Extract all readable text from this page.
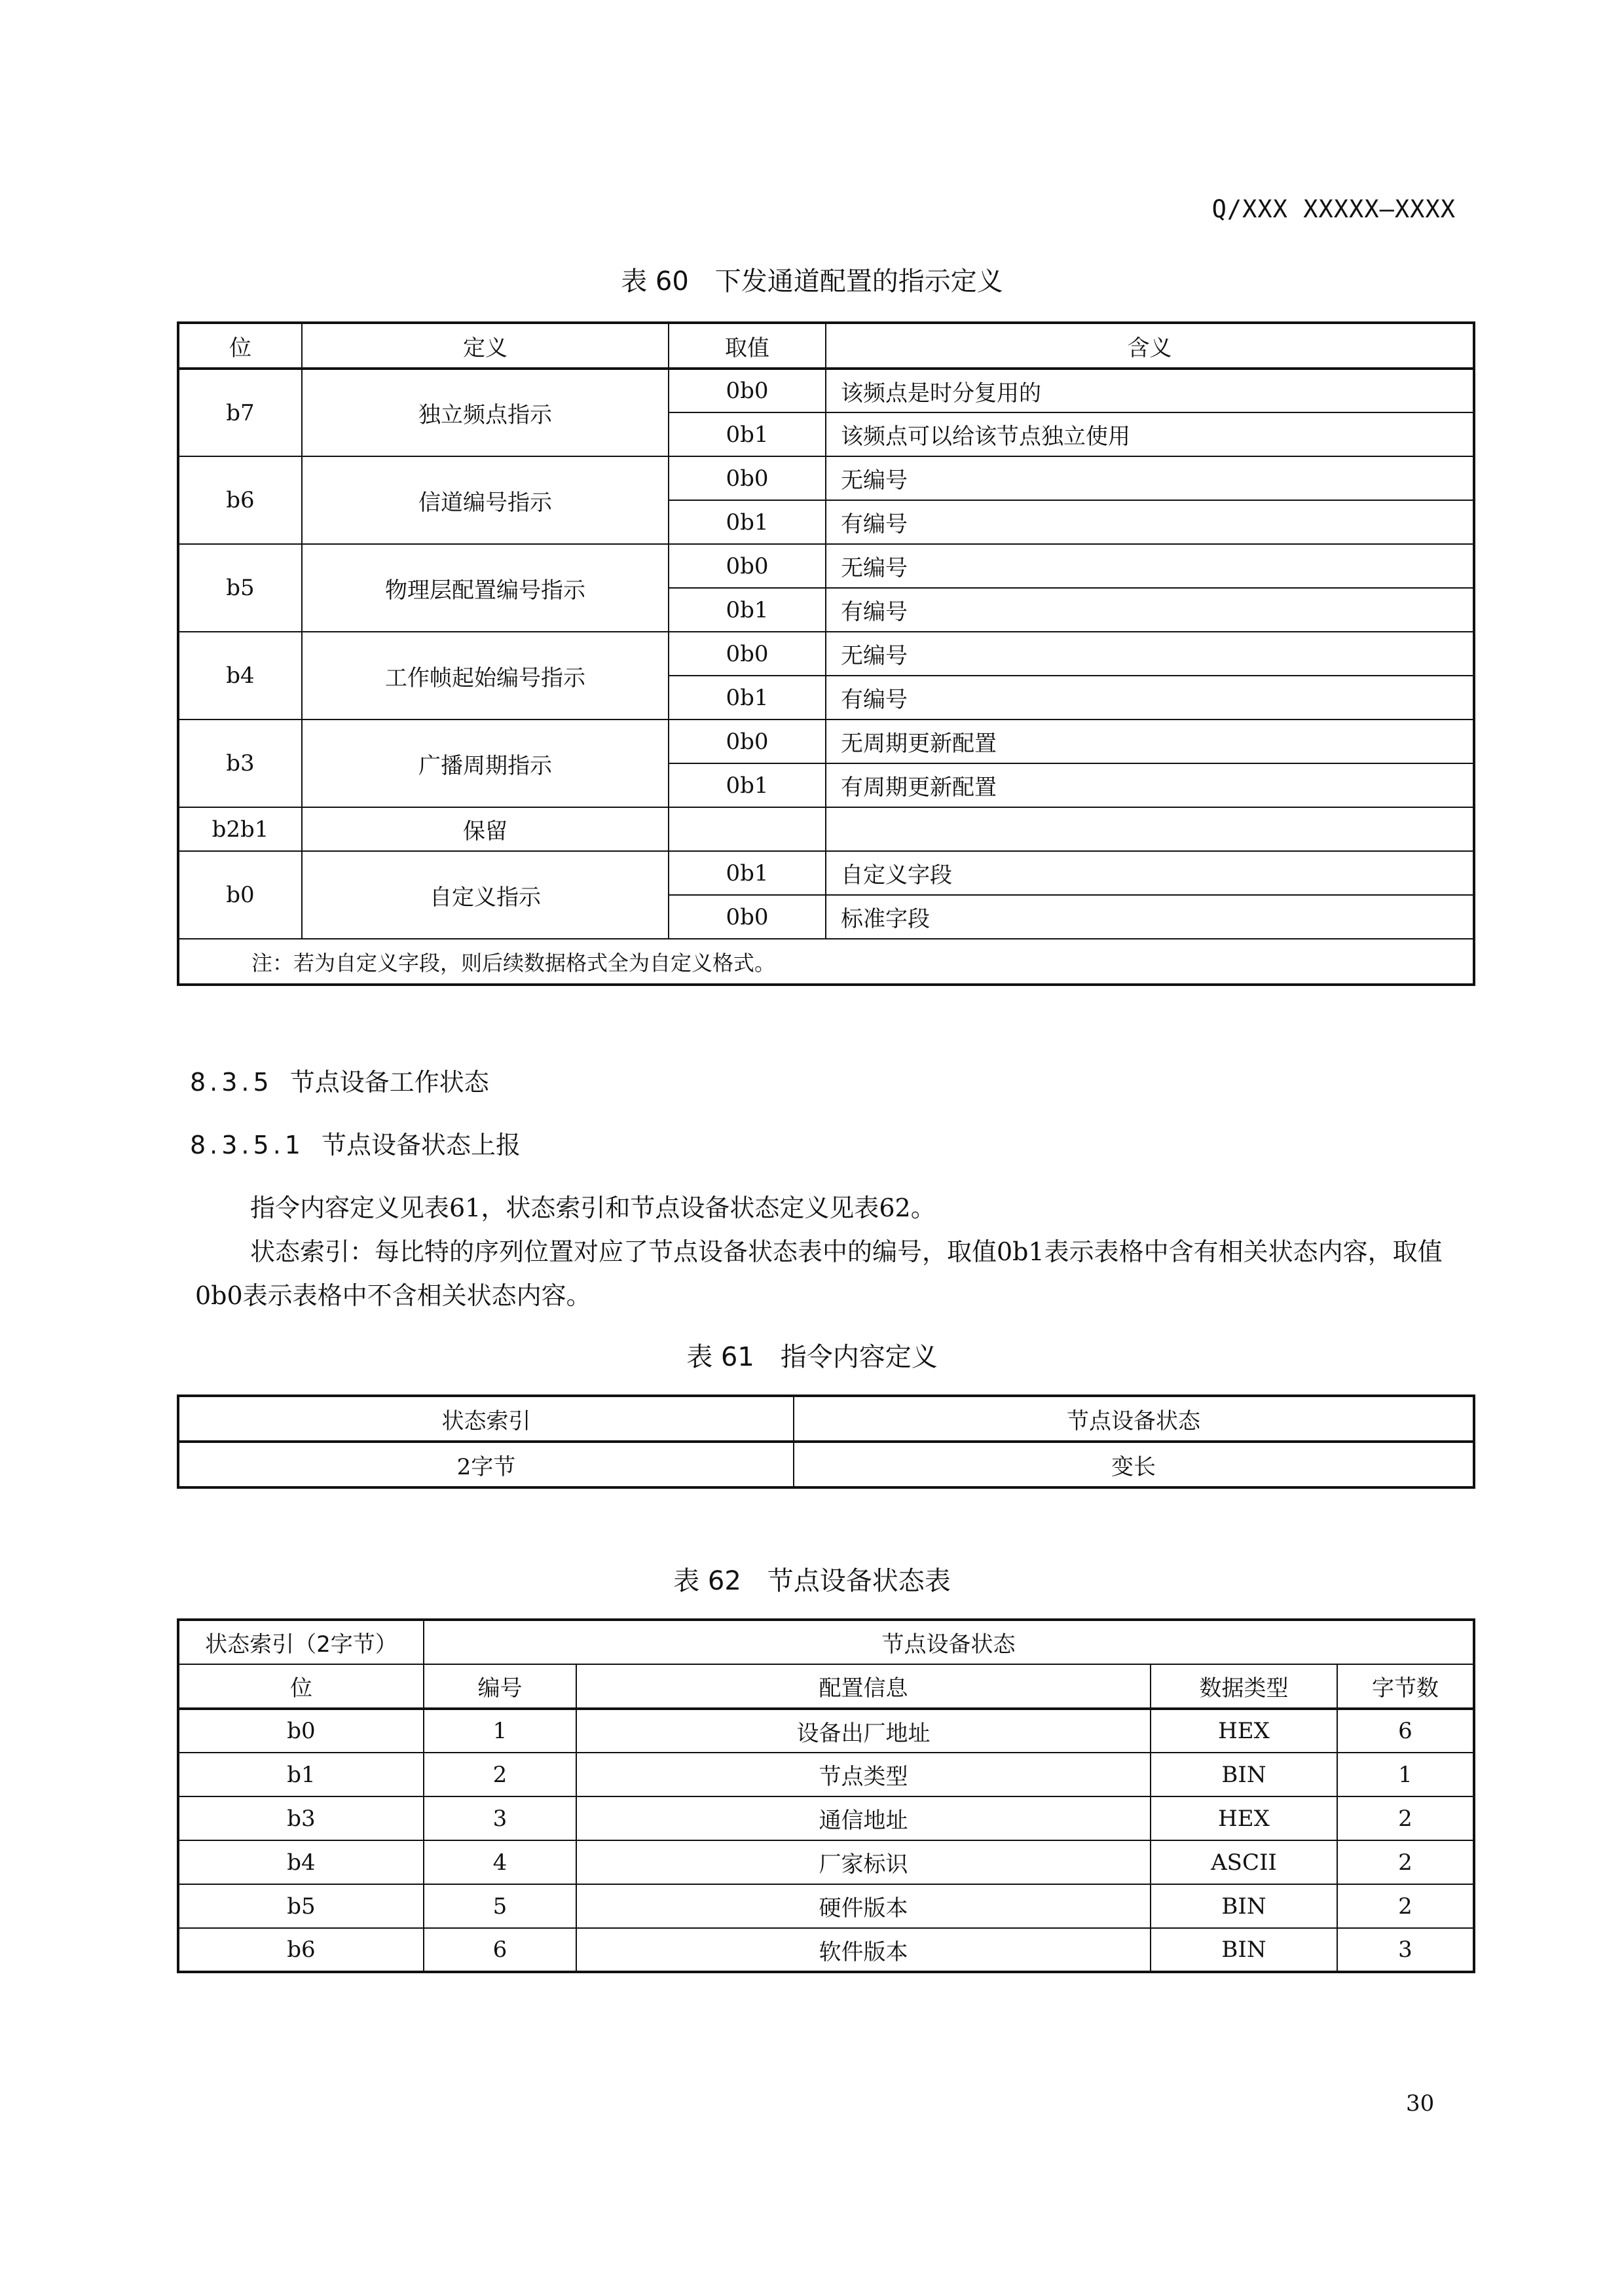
Q/XXX XXXXX—XXXX
表 60　下发通道配置的指示定义
位	定义	取值	含义
b7	独立频点指示	0b0	该频点是时分复用的
		0b1	该频点可以给该节点独立使用
b6	信道编号指示	0b0	无编号
		0b1	有编号
b5	物理层配置编号指示	0b0	无编号
		0b1	有编号
b4	工作帧起始编号指示	0b0	无编号
		0b1	有编号
b3	广播周期指示	0b0	无周期更新配置
		0b1	有周期更新配置
b2b1	保留		
b0	自定义指示	0b1	自定义字段
		0b0	标准字段
注：若为自定义字段，则后续数据格式全为自定义格式。			
8.3.5 节点设备工作状态
8.3.5.1 节点设备状态上报

指令内容定义见表61，状态索引和节点设备状态定义见表62。

状态索引：每比特的序列位置对应了节点设备状态表中的编号，取值0b1表示表格中含有相关状态内容，取值0b0表示表格中不含相关状态内容。

表 61　指令内容定义
状态索引	节点设备状态
2字节	变长
表 62　节点设备状态表
状态索引（2字节）	节点设备状态			
位	编号	配置信息	数据类型	字节数
b0	1	设备出厂地址	HEX	6
b1	2	节点类型	BIN	1
b3	3	通信地址	HEX	2
b4	4	厂家标识	ASCII	2
b5	5	硬件版本	BIN	2
b6	6	软件版本	BIN	3
30
